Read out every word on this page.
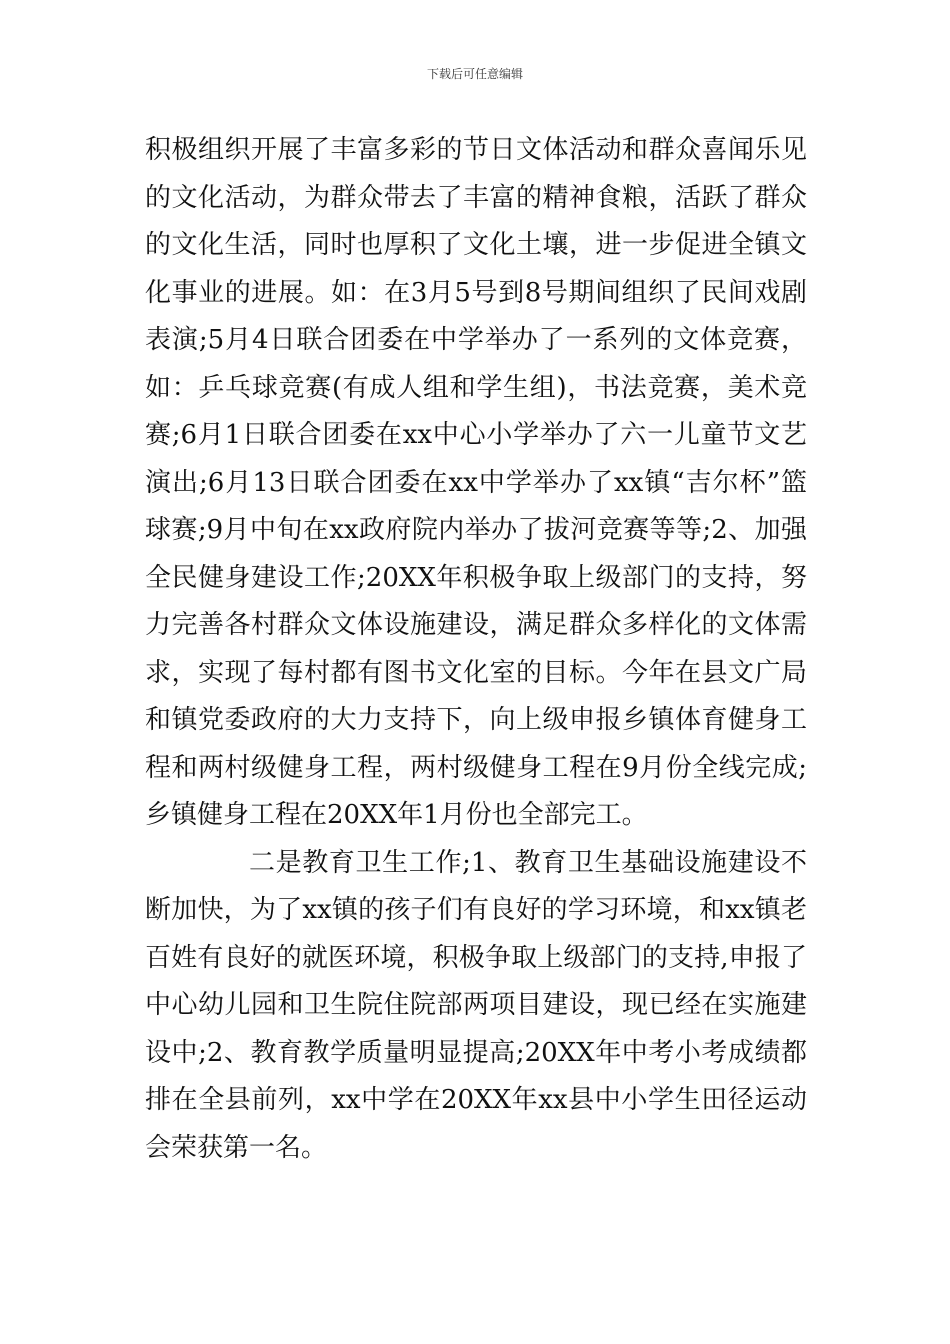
下载后可任意编辑

积极组织开展了丰富多彩的节日文体活动和群众喜闻乐见的文化活动，为群众带去了丰富的精神食粮，活跃了群众的文化生活，同时也厚积了文化土壤，进一步促进全镇文化事业的进展。如：在3月5号到8号期间组织了民间戏剧表演;5月4日联合团委在中学举办了一系列的文体竞赛，如：乒乓球竞赛(有成人组和学生组)，书法竞赛，美术竞赛;6月1日联合团委在xx中心小学举办了六一儿童节文艺演出;6月13日联合团委在xx中学举办了xx镇“吉尔杯”篮球赛;9月中旬在xx政府院内举办了拔河竞赛等等;2、加强全民健身建设工作;20XX年积极争取上级部门的支持，努力完善各村群众文体设施建设，满足群众多样化的文体需求，实现了每村都有图书文化室的目标。今年在县文广局和镇党委政府的大力支持下，向上级申报乡镇体育健身工程和两村级健身工程，两村级健身工程在9月份全线完成;乡镇健身工程在20XX年1月份也全部完工。

二是教育卫生工作;1、教育卫生基础设施建设不断加快，为了xx镇的孩子们有良好的学习环境，和xx镇老百姓有良好的就医环境，积极争取上级部门的支持,申报了中心幼儿园和卫生院住院部两项目建设，现已经在实施建设中;2、教育教学质量明显提高;20XX年中考小考成绩都排在全县前列，xx中学在20XX年xx县中小学生田径运动会荣获第一名。
